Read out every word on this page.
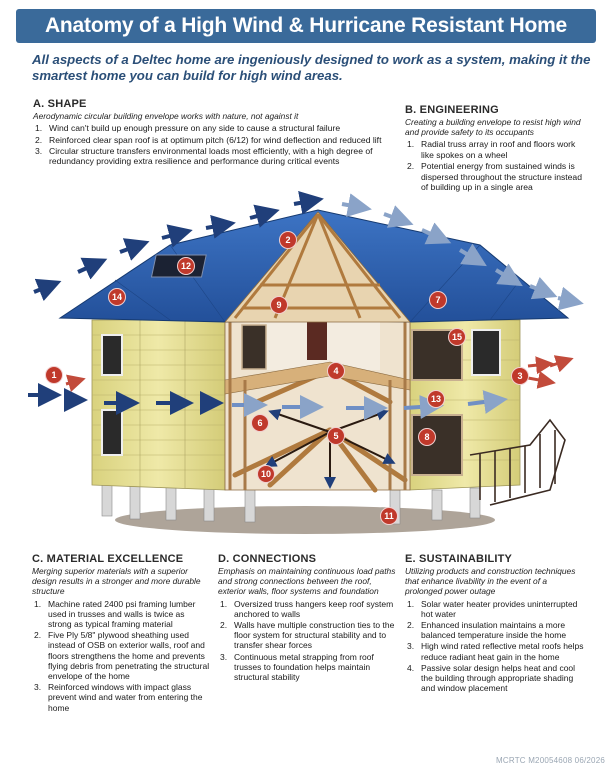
Anatomy of a High Wind & Hurricane Resistant Home
All aspects of a Deltec home are ingeniously designed to work as a system, making it the smartest home you can build for high wind areas.
A. SHAPE
Aerodynamic circular building envelope works with nature, not against it
1. Wind can't build up enough pressure on any side to cause a structural failure
2. Reinforced clear span roof is at optimum pitch (6/12) for wind deflection and reduced lift
3. Circular structure transfers environmental loads most efficiently, with a high degree of redundancy providing extra resilience and performance during critical events
B. ENGINEERING
Creating a building envelope to resist high wind and provide safety to its occupants
1. Radial truss array in roof and floors work like spokes on a wheel
2. Potential energy from sustained winds is dispersed throughout the structure instead of building up in a single area
1
2
3
4
5
6
7
8
9
10
11
12
13
14
15
C. MATERIAL EXCELLENCE
Merging superior materials with a superior design results in a stronger and more durable structure
1. Machine rated 2400 psi framing lumber used in trusses and walls is twice as strong as typical framing material
2. Five Ply 5/8" plywood sheathing used instead of OSB on exterior walls, roof and floors strengthens the home and prevents flying debris from penetrating the structural envelope of the home
3. Reinforced windows with impact glass prevent wind and water from entering the home
D. CONNECTIONS
Emphasis on maintaining continuous load paths and strong connections between the roof, exterior walls, floor systems and foundation
1. Oversized truss hangers keep roof system anchored to walls
2. Walls have multiple construction ties to the floor system for structural stability and to transfer shear forces
3. Continuous metal strapping from roof trusses to foundation helps maintain structural stability
E. SUSTAINABILITY
Utilizing products and construction techniques that enhance livability in the event of a prolonged power outage
1. Solar water heater provides uninterrupted hot water
2. Enhanced insulation maintains a more balanced temperature inside the home
3. High wind rated reflective metal roofs helps reduce radiant heat gain in the home
4. Passive solar design helps heat and cool the building through appropriate shading and window placement
MCRTC M20054608 06/2026
